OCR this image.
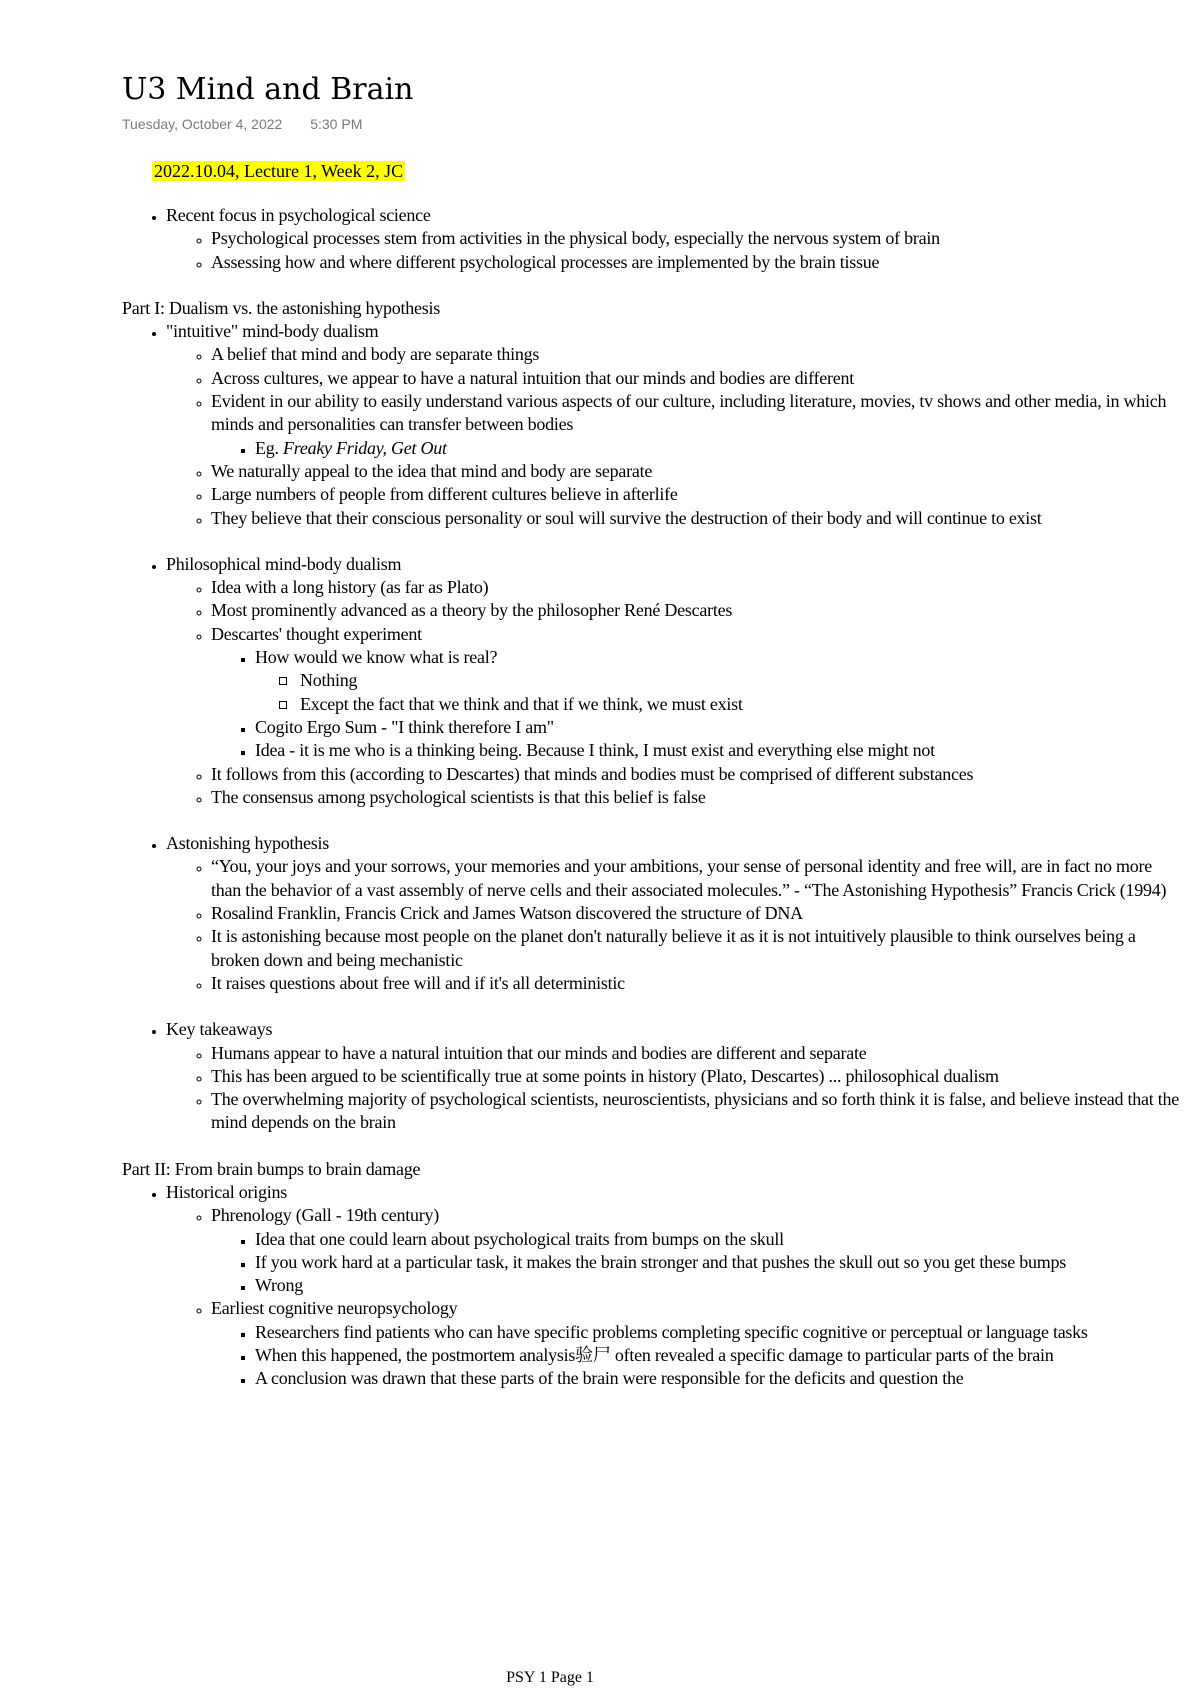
U3 Mind and Brain
Tuesday, October 4, 2022 5:30 PM
2022.10.04, Lecture 1, Week 2, JC
• Recent focus in psychological science
◦ Psychological processes stem from activities in the physical body, especially the nervous system of brain
◦ Assessing how and where different psychological processes are implemented by the brain tissue
Part I: Dualism vs. the astonishing hypothesis
• "intuitive" mind-body dualism
◦ A belief that mind and body are separate things
◦ Across cultures, we appear to have a natural intuition that our minds and bodies are different
◦ Evident in our ability to easily understand various aspects of our culture, including literature, movies, tv shows and other media, in which minds and personalities can transfer between bodies
▪ Eg. Freaky Friday, Get Out
◦ We naturally appeal to the idea that mind and body are separate
◦ Large numbers of people from different cultures believe in afterlife
◦ They believe that their conscious personality or soul will survive the destruction of their body and will continue to exist
• Philosophical mind-body dualism
◦ Idea with a long history (as far as Plato)
◦ Most prominently advanced as a theory by the philosopher René Descartes
◦ Descartes' thought experiment
▪ How would we know what is real?
Nothing
Except the fact that we think and that if we think, we must exist
▪ Cogito Ergo Sum - "I think therefore I am"
▪ Idea - it is me who is a thinking being. Because I think, I must exist and everything else might not
◦ It follows from this (according to Descartes) that minds and bodies must be comprised of different substances
◦ The consensus among psychological scientists is that this belief is false
• Astonishing hypothesis
◦ “You, your joys and your sorrows, your memories and your ambitions, your sense of personal identity and free will, are in fact no more than the behavior of a vast assembly of nerve cells and their associated molecules.” - “The Astonishing Hypothesis” Francis Crick (1994)
◦ Rosalind Franklin, Francis Crick and James Watson discovered the structure of DNA
◦ It is astonishing because most people on the planet don't naturally believe it as it is not intuitively plausible to think ourselves being a broken down and being mechanistic
◦ It raises questions about free will and if it's all deterministic
• Key takeaways
◦ Humans appear to have a natural intuition that our minds and bodies are different and separate
◦ This has been argued to be scientifically true at some points in history (Plato, Descartes) ... philosophical dualism
◦ The overwhelming majority of psychological scientists, neuroscientists, physicians and so forth think it is false, and believe instead that the mind depends on the brain
Part II: From brain bumps to brain damage
• Historical origins
◦ Phrenology (Gall - 19th century)
▪ Idea that one could learn about psychological traits from bumps on the skull
▪ If you work hard at a particular task, it makes the brain stronger and that pushes the skull out so you get these bumps
▪ Wrong
◦ Earliest cognitive neuropsychology
▪ Researchers find patients who can have specific problems completing specific cognitive or perceptual or language tasks
▪ When this happened, the postmortem analysis验尸 often revealed a specific damage to particular parts of the brain
▪ A conclusion was drawn that these parts of the brain were responsible for the deficits and question the
PSY 1 Page 1
